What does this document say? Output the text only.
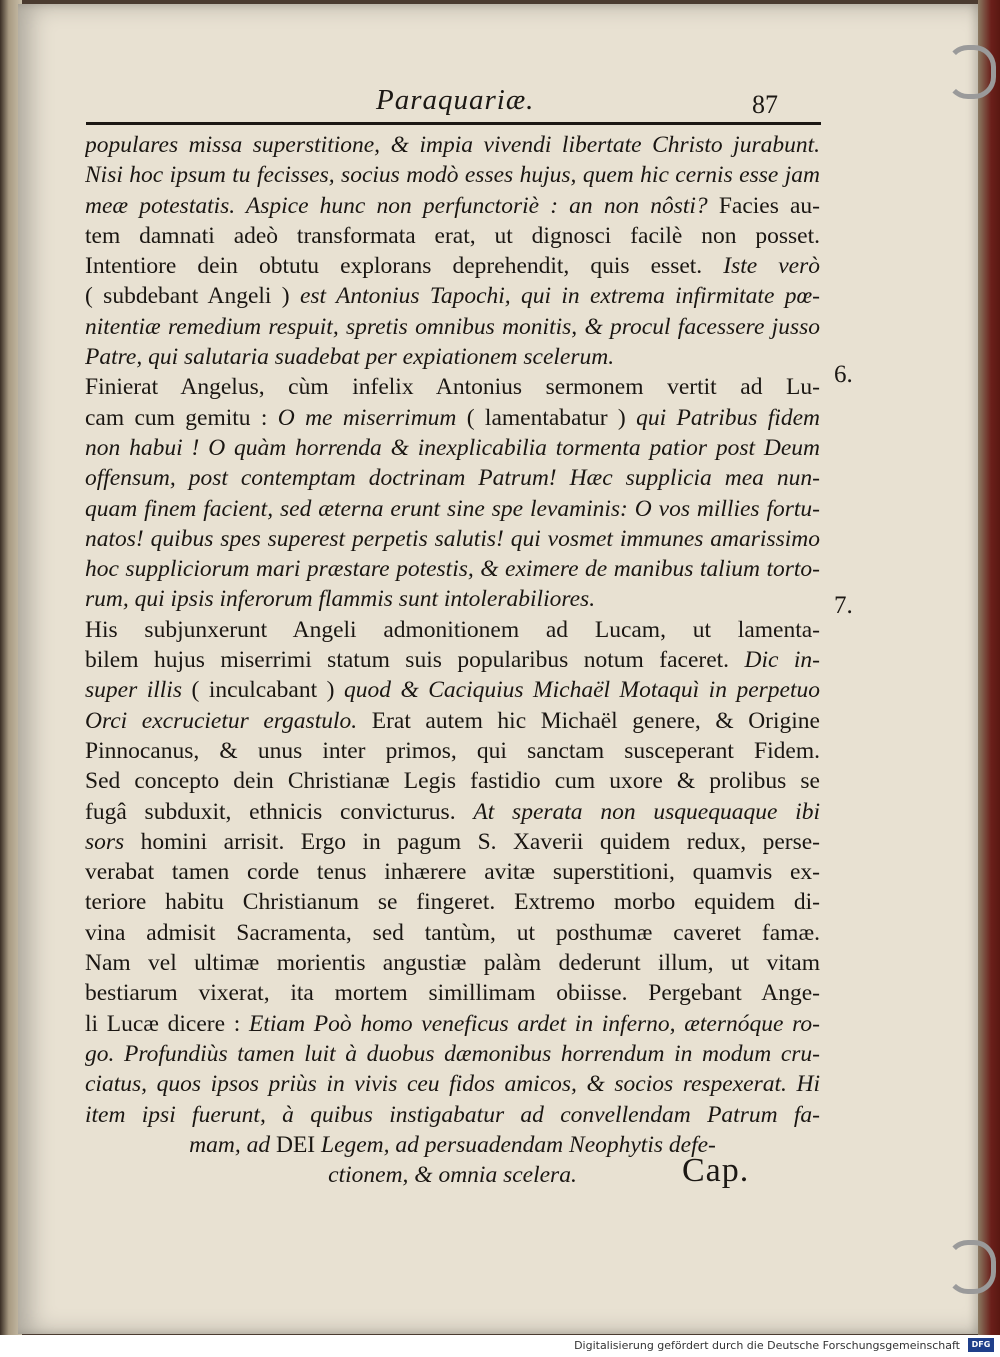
Paraquariæ.	87
populares missa superstitione, & impia vivendi libertate Christo jurabunt.
Nisi hoc ipsum tu fecisses, socius modò esses hujus, quem hic cernis esse jam
meæ potestatis. Aspice hunc non perfunctoriè : an non nôsti? Facies au-
tem damnati adeò transformata erat, ut dignosci facilè non posset.
Intentiore dein obtutu explorans deprehendit, quis esset. Iste verò
( subdebant Angeli ) est Antonius Tapochi, qui in extrema infirmitate pœ-
nitentiæ remedium respuit, spretis omnibus monitis, & procul facessere jusso
Patre, qui salutaria suadebat per expiationem scelerum.
Finierat Angelus, cùm infelix Antonius sermonem vertit ad Lu-
cam cum gemitu : O me miserrimum ( lamentabatur ) qui Patribus fidem
non habui ! O quàm horrenda & inexplicabilia tormenta patior post Deum
offensum, post contemptam doctrinam Patrum! Hæc supplicia mea nun-
quam finem facient, sed æterna erunt sine spe levaminis: O vos millies fortu-
natos! quibus spes superest perpetis salutis! qui vosmet immunes amarissimo
hoc suppliciorum mari præstare potestis, & eximere de manibus talium torto-
rum, qui ipsis inferorum flammis sunt intolerabiliores.
His subjunxerunt Angeli admonitionem ad Lucam, ut lamenta-
bilem hujus miserrimi statum suis popularibus notum faceret. Dic in-
super illis ( inculcabant ) quod & Caciquius Michaël Motaquì in perpetuo
Orci excrucietur ergastulo. Erat autem hic Michaël genere, & Origine
Pinnocanus, & unus inter primos, qui sanctam susceperant Fidem.
Sed concepto dein Christianæ Legis fastidio cum uxore & prolibus se
fugâ subduxit, ethnicis convicturus. At sperata non usquequaque ibi
sors homini arrisit. Ergo in pagum S. Xaverii quidem redux, perse-
verabat tamen corde tenus inhærere avitæ superstitioni, quamvis ex-
teriore habitu Christianum se fingeret. Extremo morbo equidem di-
vina admisit Sacramenta, sed tantùm, ut posthumæ caveret famæ.
Nam vel ultimæ morientis angustiæ palàm dederunt illum, ut vitam
bestiarum vixerat, ita mortem simillimam obiisse. Pergebant Ange-
li Lucæ dicere : Etiam Poò homo veneficus ardet in inferno, æternóque ro-
go. Profundiùs tamen luit à duobus dæmonibus horrendum in modum cru-
ciatus, quos ipsos priùs in vivis ceu fidos amicos, & socios respexerat. Hi
item ipsi fuerunt, à quibus instigabatur ad convellendam Patrum fa-
mam, ad DEI Legem, ad persuadendam Neophytis defe-
ctionem, & omnia scelera.
6.
7.
Cap.
Digitalisierung gefördert durch die Deutsche Forschungsgemeinschaft	DFG
